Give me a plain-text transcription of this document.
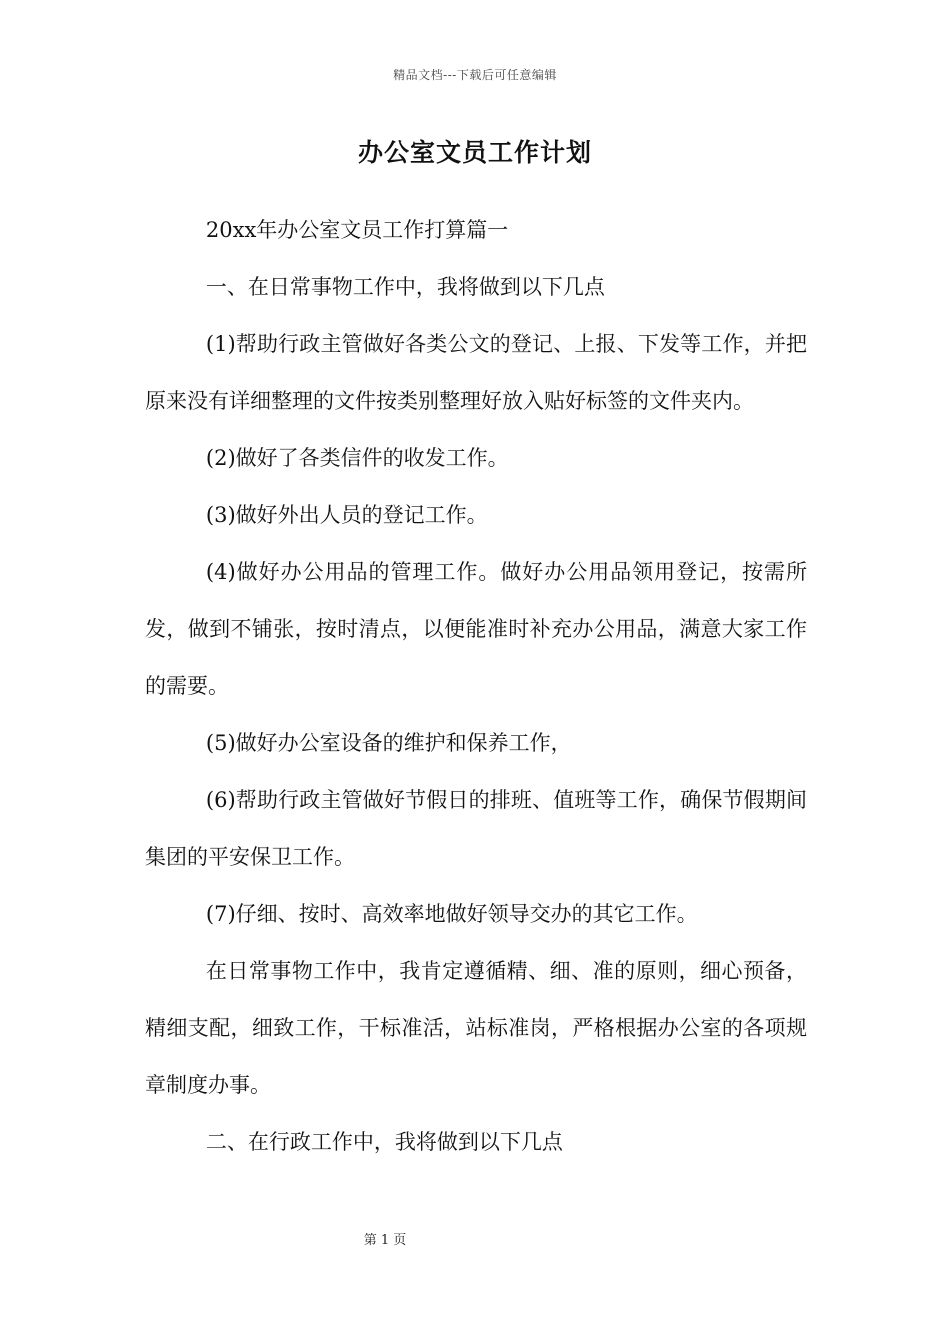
精品文档---下载后可任意编辑
办公室文员工作计划

20xx年办公室文员工作打算篇一

一、在日常事物工作中，我将做到以下几点

(1)帮助行政主管做好各类公文的登记、上报、下发等工作，并把原来没有详细整理的文件按类别整理好放入贴好标签的文件夹内。

(2)做好了各类信件的收发工作。

(3)做好外出人员的登记工作。

(4)做好办公用品的管理工作。做好办公用品领用登记，按需所发，做到不铺张，按时清点，以便能准时补充办公用品，满意大家工作的需要。

(5)做好办公室设备的维护和保养工作，

(6)帮助行政主管做好节假日的排班、值班等工作，确保节假期间集团的平安保卫工作。

(7)仔细、按时、高效率地做好领导交办的其它工作。

在日常事物工作中，我肯定遵循精、细、准的原则，细心预备，精细支配，细致工作，干标准活，站标准岗，严格根据办公室的各项规章制度办事。

二、在行政工作中，我将做到以下几点

第 1 页
